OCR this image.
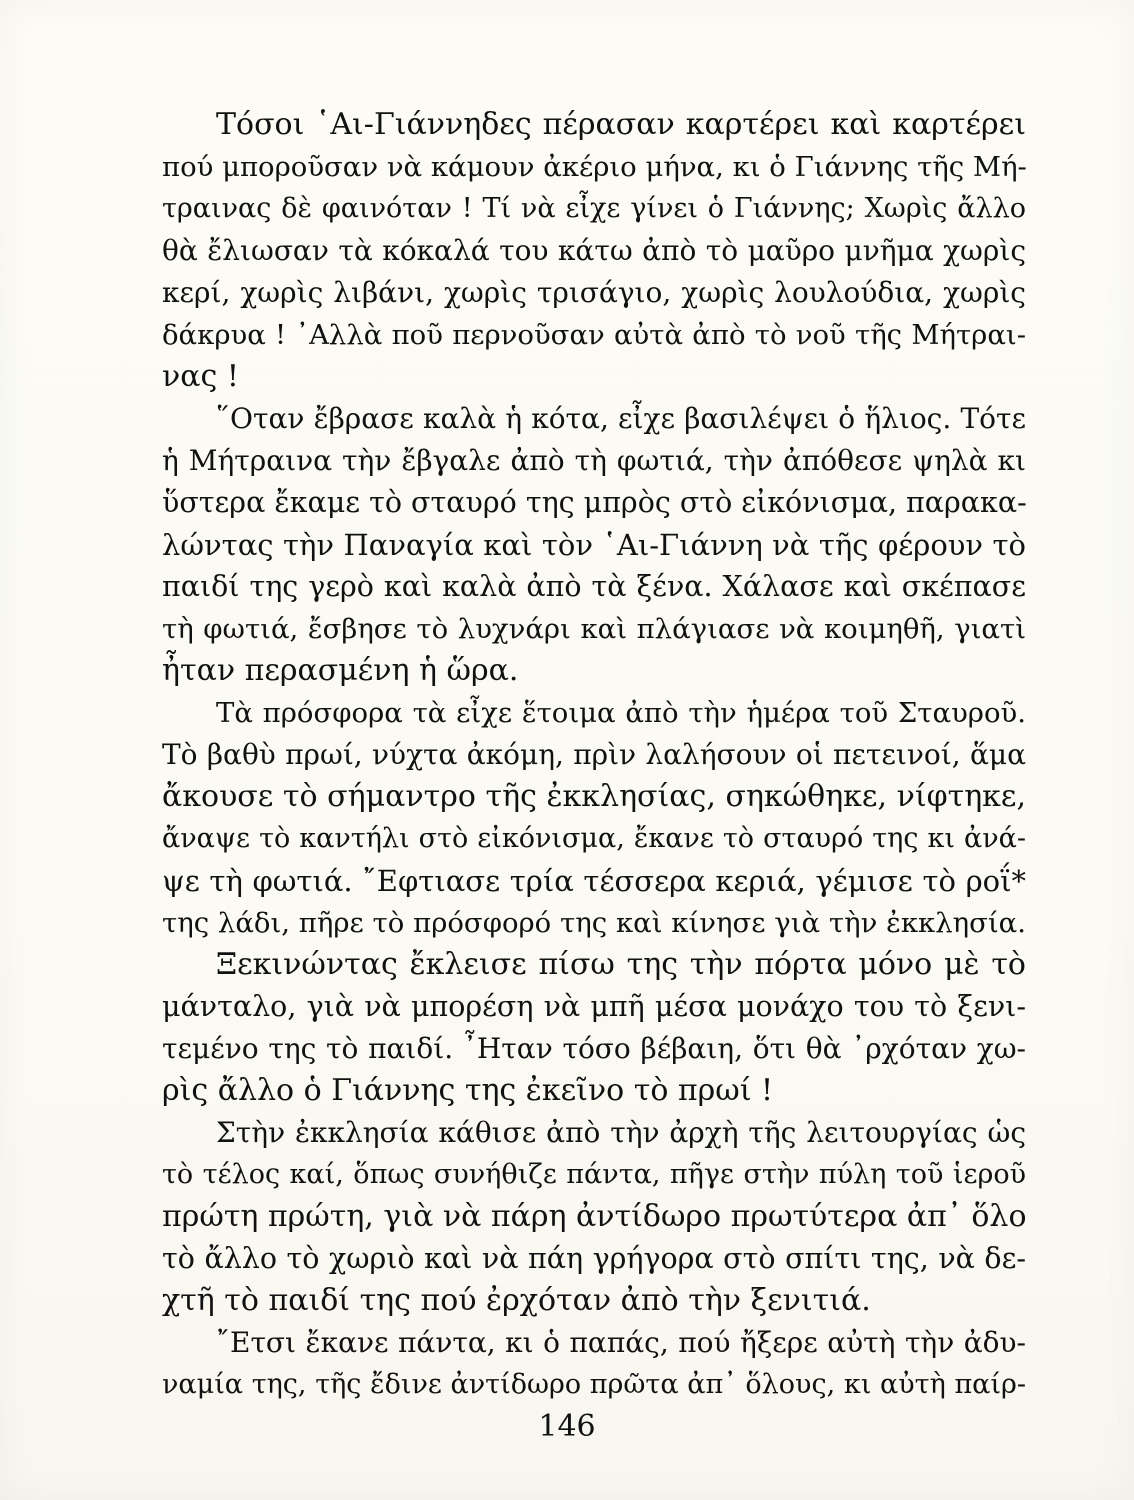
Τόσοι ῾Αι-Γιάννηδες πέρασαν καρτέρει καὶ καρτέρει

πού μποροῦσαν νὰ κάμουν ἀκέριο μήνα, κι ὁ Γιάννης τῆς Μή-

τραινας δὲ φαινόταν ! Τί νὰ εἶχε γίνει ὁ Γιάννης; Χωρὶς ἄλλο

θὰ ἔλιωσαν τὰ κόκαλά του κάτω ἀπὸ τὸ μαῦρο μνῆμα χωρὶς

κερί, χωρὶς λιβάνι, χωρὶς τρισάγιο, χωρὶς λουλούδια, χωρὶς

δάκρυα ! ᾿Αλλὰ ποῦ περνοῦσαν αὐτὰ ἀπὸ τὸ νοῦ τῆς Μήτραι-

νας !

῞Οταν ἔβρασε καλὰ ἡ κότα, εἶχε βασιλέψει ὁ ἥλιος. Τότε

ἡ Μήτραινα τὴν ἔβγαλε ἀπὸ τὴ φωτιά, τὴν ἀπόθεσε ψηλὰ κι

ὕστερα ἔκαμε τὸ σταυρό της μπρὸς στὸ εἰκόνισμα, παρακα-

λώντας τὴν Παναγία καὶ τὸν ῾Αι-Γιάννη νὰ τῆς φέρουν τὸ

παιδί της γερὸ καὶ καλὰ ἀπὸ τὰ ξένα. Χάλασε καὶ σκέπασε

τὴ φωτιά, ἔσβησε τὸ λυχνάρι καὶ πλάγιασε νὰ κοιμηθῆ, γιατὶ

ἦταν περασμένη ἡ ὥρα.

Τὰ πρόσφορα τὰ εἶχε ἕτοιμα ἀπὸ τὴν ἡμέρα τοῦ Σταυροῦ.

Τὸ βαθὺ πρωί, νύχτα ἀκόμη, πρὶν λαλήσουν οἱ πετεινοί, ἅμα

ἄκουσε τὸ σήμαντρο τῆς ἐκκλησίας, σηκώθηκε, νίφτηκε,

ἄναψε τὸ καντήλι στὸ εἰκόνισμα, ἔκανε τὸ σταυρό της κι ἀνά-

ψε τὴ φωτιά. ῎Εφτιασε τρία τέσσερα κεριά, γέμισε τὸ ροΐ*

της λάδι, πῆρε τὸ πρόσφορό της καὶ κίνησε γιὰ τὴν ἐκκλησία.

Ξεκινώντας ἔκλεισε πίσω της τὴν πόρτα μόνο μὲ τὸ

μάνταλο, γιὰ νὰ μπορέση νὰ μπῆ μέσα μονάχο του τὸ ξενι-

τεμένο της τὸ παιδί. ῏Ηταν τόσο βέβαιη, ὅτι θὰ ᾽ρχόταν χω-

ρὶς ἄλλο ὁ Γιάννης της ἐκεῖνο τὸ πρωί !

Στὴν ἐκκλησία κάθισε ἀπὸ τὴν ἀρχὴ τῆς λειτουργίας ὡς

τὸ τέλος καί, ὅπως συνήθιζε πάντα, πῆγε στὴν πύλη τοῦ ἱεροῦ

πρώτη πρώτη, γιὰ νὰ πάρη ἀντίδωρο πρωτύτερα ἀπ᾽ ὅλο

τὸ ἄλλο τὸ χωριὸ καὶ νὰ πάη γρήγορα στὸ σπίτι της, νὰ δε-

χτῆ τὸ παιδί της πού ἐρχόταν ἀπὸ τὴν ξενιτιά.

῎Ετσι ἔκανε πάντα, κι ὁ παπάς, πού ἤξερε αὐτὴ τὴν ἀδυ-

ναμία της, τῆς ἔδινε ἀντίδωρο πρῶτα ἀπ᾽ ὅλους, κι αὐτὴ παίρ-

146
